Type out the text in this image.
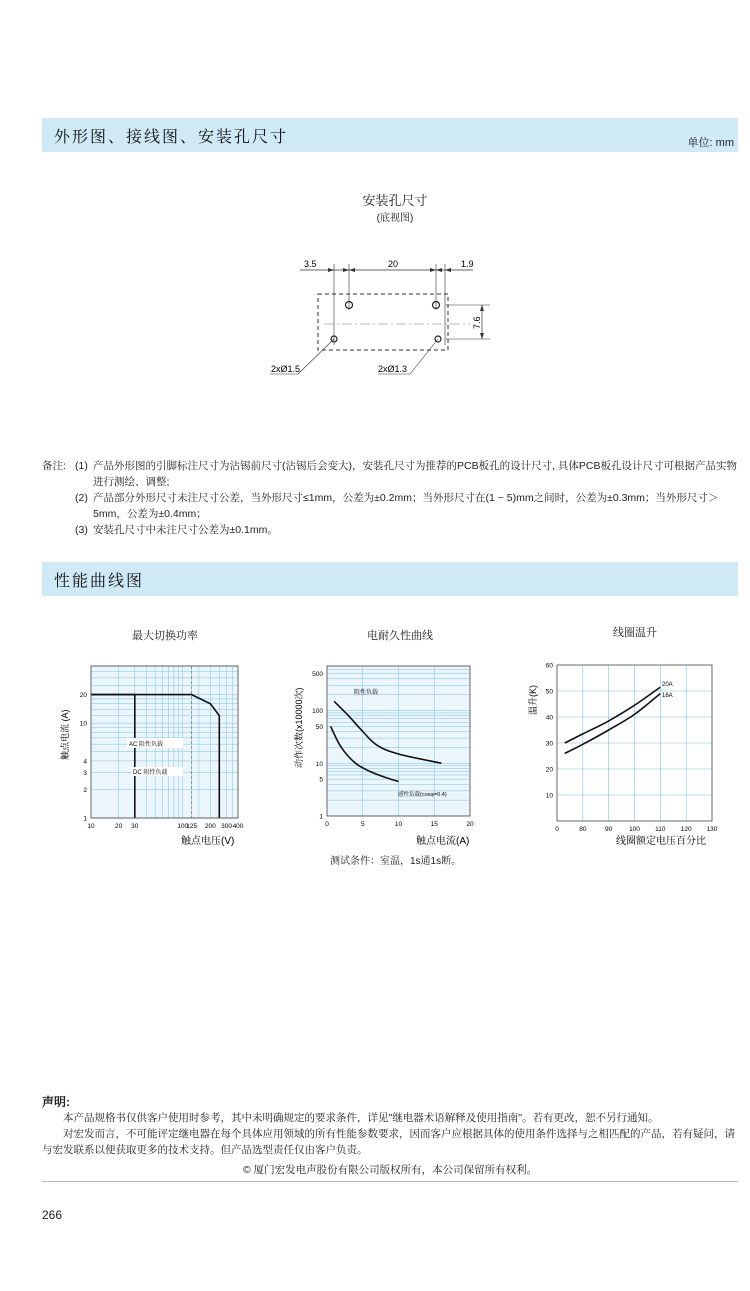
外形图、接线图、安装孔尺寸	单位: mm
安装孔尺寸
(底视图)
3.5	20	1.9
7.6
2xØ1.5	2xØ1.3
备注: (1) 产品外形图的引脚标注尺寸为沾锡前尺寸(沾锡后会变大)，安装孔尺寸为推荐的PCB板孔的设计尺寸, 具体PCB板孔设计尺寸可根据产品实物进行测绘、调整;
(2) 产品部分外形尺寸未注尺寸公差，当外形尺寸≤1mm，公差为±0.2mm；当外形尺寸在(1 ~ 5)mm之间时，公差为±0.3mm；当外形尺寸＞5mm，公差为±0.4mm；
(3) 安装孔尺寸中未注尺寸公差为±0.1mm。
性能曲线图
最大切换功率	电耐久性曲线	线圈温升
10	20 30	100
125 200 300 400
1
2
3
4
10
20
AC 阻性负载
DC 阻性负载
触点电流 (A)
触点电压(V)
0	5	10	15	20
1
5
10
50
100
500
阻性负载
感性负载(cosφ=0.4)
动作次数(x10000次)
触点电流(A)
测试条件：室温，1s通1s断。
0	80	90	100 110 120 130
10
20
30
40
50
60
20A
16A
温升(K)
线圈额定电压百分比
声明:
本产品规格书仅供客户使用时参考，其中未明确规定的要求条件，详见"继电器术语解释及使用指南"。若有更改，恕不另行通知。
对宏发而言，不可能评定继电器在每个具体应用领域的所有性能参数要求，因而客户应根据具体的使用条件选择与之相匹配的产品，若有疑问，请与宏发联系以便获取更多的技术支持。但产品选型责任仅由客户负责。
© 厦门宏发电声股份有限公司版权所有，本公司保留所有权利。
266
